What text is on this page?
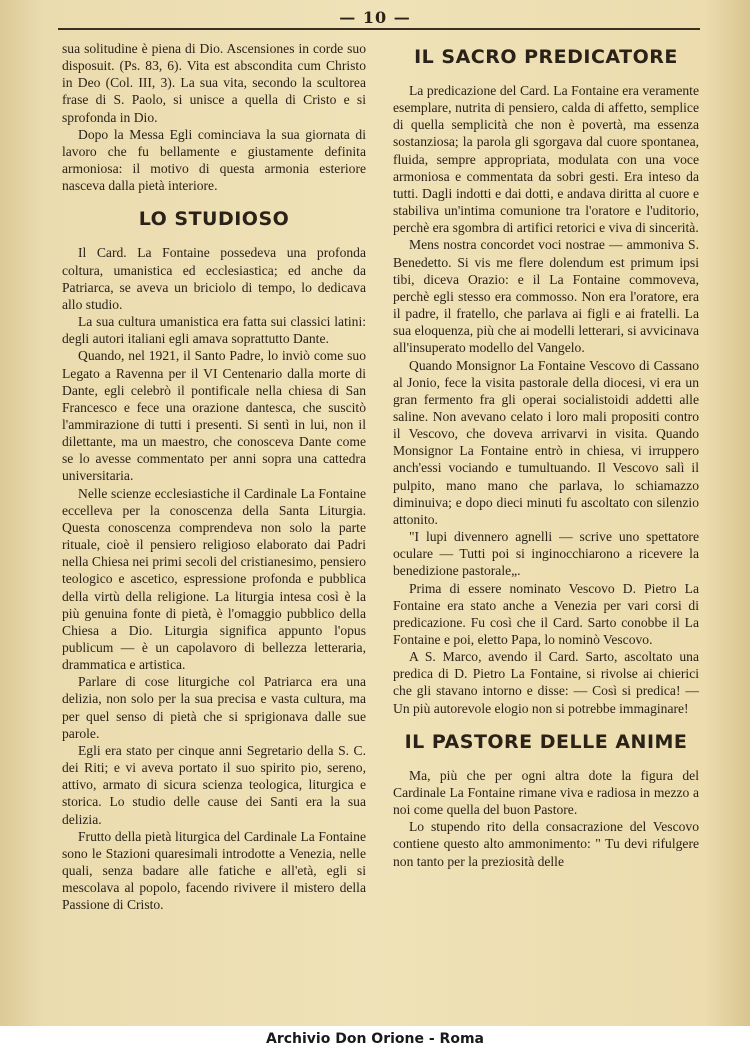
— 10 —

sua solitudine è piena di Dio. Ascensiones in corde suo disposuit. (Ps. 83, 6). Vita est abscondita cum Christo in Deo (Col. III, 3). La sua vita, secondo la scultorea frase di S. Paolo, si unisce a quella di Cristo e si sprofonda in Dio.

Dopo la Messa Egli cominciava la sua giornata di lavoro che fu bellamente e giustamente definita armoniosa: il motivo di questa armonia esteriore nasceva dalla pietà interiore.

LO STUDIOSO

Il Card. La Fontaine possedeva una profonda coltura, umanistica ed ecclesiastica; ed anche da Patriarca, se aveva un briciolo di tempo, lo dedicava allo studio.

La sua cultura umanistica era fatta sui classici latini: degli autori italiani egli amava soprattutto Dante.

Quando, nel 1921, il Santo Padre, lo inviò come suo Legato a Ravenna per il VI Centenario dalla morte di Dante, egli celebrò il pontificale nella chiesa di San Francesco e fece una orazione dantesca, che suscitò l'ammirazione di tutti i presenti. Si sentì in lui, non il dilettante, ma un maestro, che conosceva Dante come se lo avesse commentato per anni sopra una cattedra universitaria.

Nelle scienze ecclesiastiche il Cardinale La Fontaine eccelleva per la conoscenza della Santa Liturgia. Questa conoscenza comprendeva non solo la parte rituale, cioè il pensiero religioso elaborato dai Padri nella Chiesa nei primi secoli del cristianesimo, pensiero teologico e ascetico, espressione profonda e pubblica della virtù della religione. La liturgia intesa così è la più genuina fonte di pietà, è l'omaggio pubblico della Chiesa a Dio. Liturgia significa appunto l'opus publicum — è un capolavoro di bellezza letteraria, drammatica e artistica.

Parlare di cose liturgiche col Patriarca era una delizia, non solo per la sua precisa e vasta cultura, ma per quel senso di pietà che si sprigionava dalle sue parole.

Egli era stato per cinque anni Segretario della S. C. dei Riti; e vi aveva portato il suo spirito pio, sereno, attivo, armato di sicura scienza teologica, liturgica e storica. Lo studio delle cause dei Santi era la sua delizia.

Frutto della pietà liturgica del Cardinale La Fontaine sono le Stazioni quaresimali introdotte a Venezia, nelle quali, senza badare alle fatiche e all'età, egli si mescolava al popolo, facendo rivivere il mistero della Passione di Cristo.

IL SACRO PREDICATORE

La predicazione del Card. La Fontaine era veramente esemplare, nutrita di pensiero, calda di affetto, semplice di quella semplicità che non è povertà, ma essenza sostanziosa; la parola gli sgorgava dal cuore spontanea, fluida, sempre appropriata, modulata con una voce armoniosa e commentata da sobri gesti. Era inteso da tutti. Dagli indotti e dai dotti, e andava diritta al cuore e stabiliva un'intima comunione tra l'oratore e l'uditorio, perchè era sgombra di artifici retorici e viva di sincerità.

Mens nostra concordet voci nostrae — ammoniva S. Benedetto. Si vis me flere dolendum est primum ipsi tibi, diceva Orazio: e il La Fontaine commoveva, perchè egli stesso era commosso. Non era l'oratore, era il padre, il fratello, che parlava ai figli e ai fratelli. La sua eloquenza, più che ai modelli letterari, si avvicinava all'insuperato modello del Vangelo.

Quando Monsignor La Fontaine Vescovo di Cassano al Jonio, fece la visita pastorale della diocesi, vi era un gran fermento fra gli operai socialistoidi addetti alle saline. Non avevano celato i loro mali propositi contro il Vescovo, che doveva arrivarvi in visita. Quando Monsignor La Fontaine entrò in chiesa, vi irruppero anch'essi vociando e tumultuando. Il Vescovo salì il pulpito, mano mano che parlava, lo schiamazzo diminuiva; e dopo dieci minuti fu ascoltato con silenzio attonito.

"I lupi divennero agnelli — scrive uno spettatore oculare — Tutti poi si inginocchiarono a ricevere la benedizione pastorale„.

Prima di essere nominato Vescovo D. Pietro La Fontaine era stato anche a Venezia per vari corsi di predicazione. Fu così che il Card. Sarto conobbe il La Fontaine e poi, eletto Papa, lo nominò Vescovo.

A S. Marco, avendo il Card. Sarto, ascoltato una predica di D. Pietro La Fontaine, si rivolse ai chierici che gli stavano intorno e disse: — Così si predica! — Un più autorevole elogio non si potrebbe immaginare!

IL PASTORE DELLE ANIME

Ma, più che per ogni altra dote la figura del Cardinale La Fontaine rimane viva e radiosa in mezzo a noi come quella del buon Pastore.

Lo stupendo rito della consacrazione del Vescovo contiene questo alto ammonimento: " Tu devi rifulgere non tanto per la preziosità delle

Archivio Don Orione - Roma
